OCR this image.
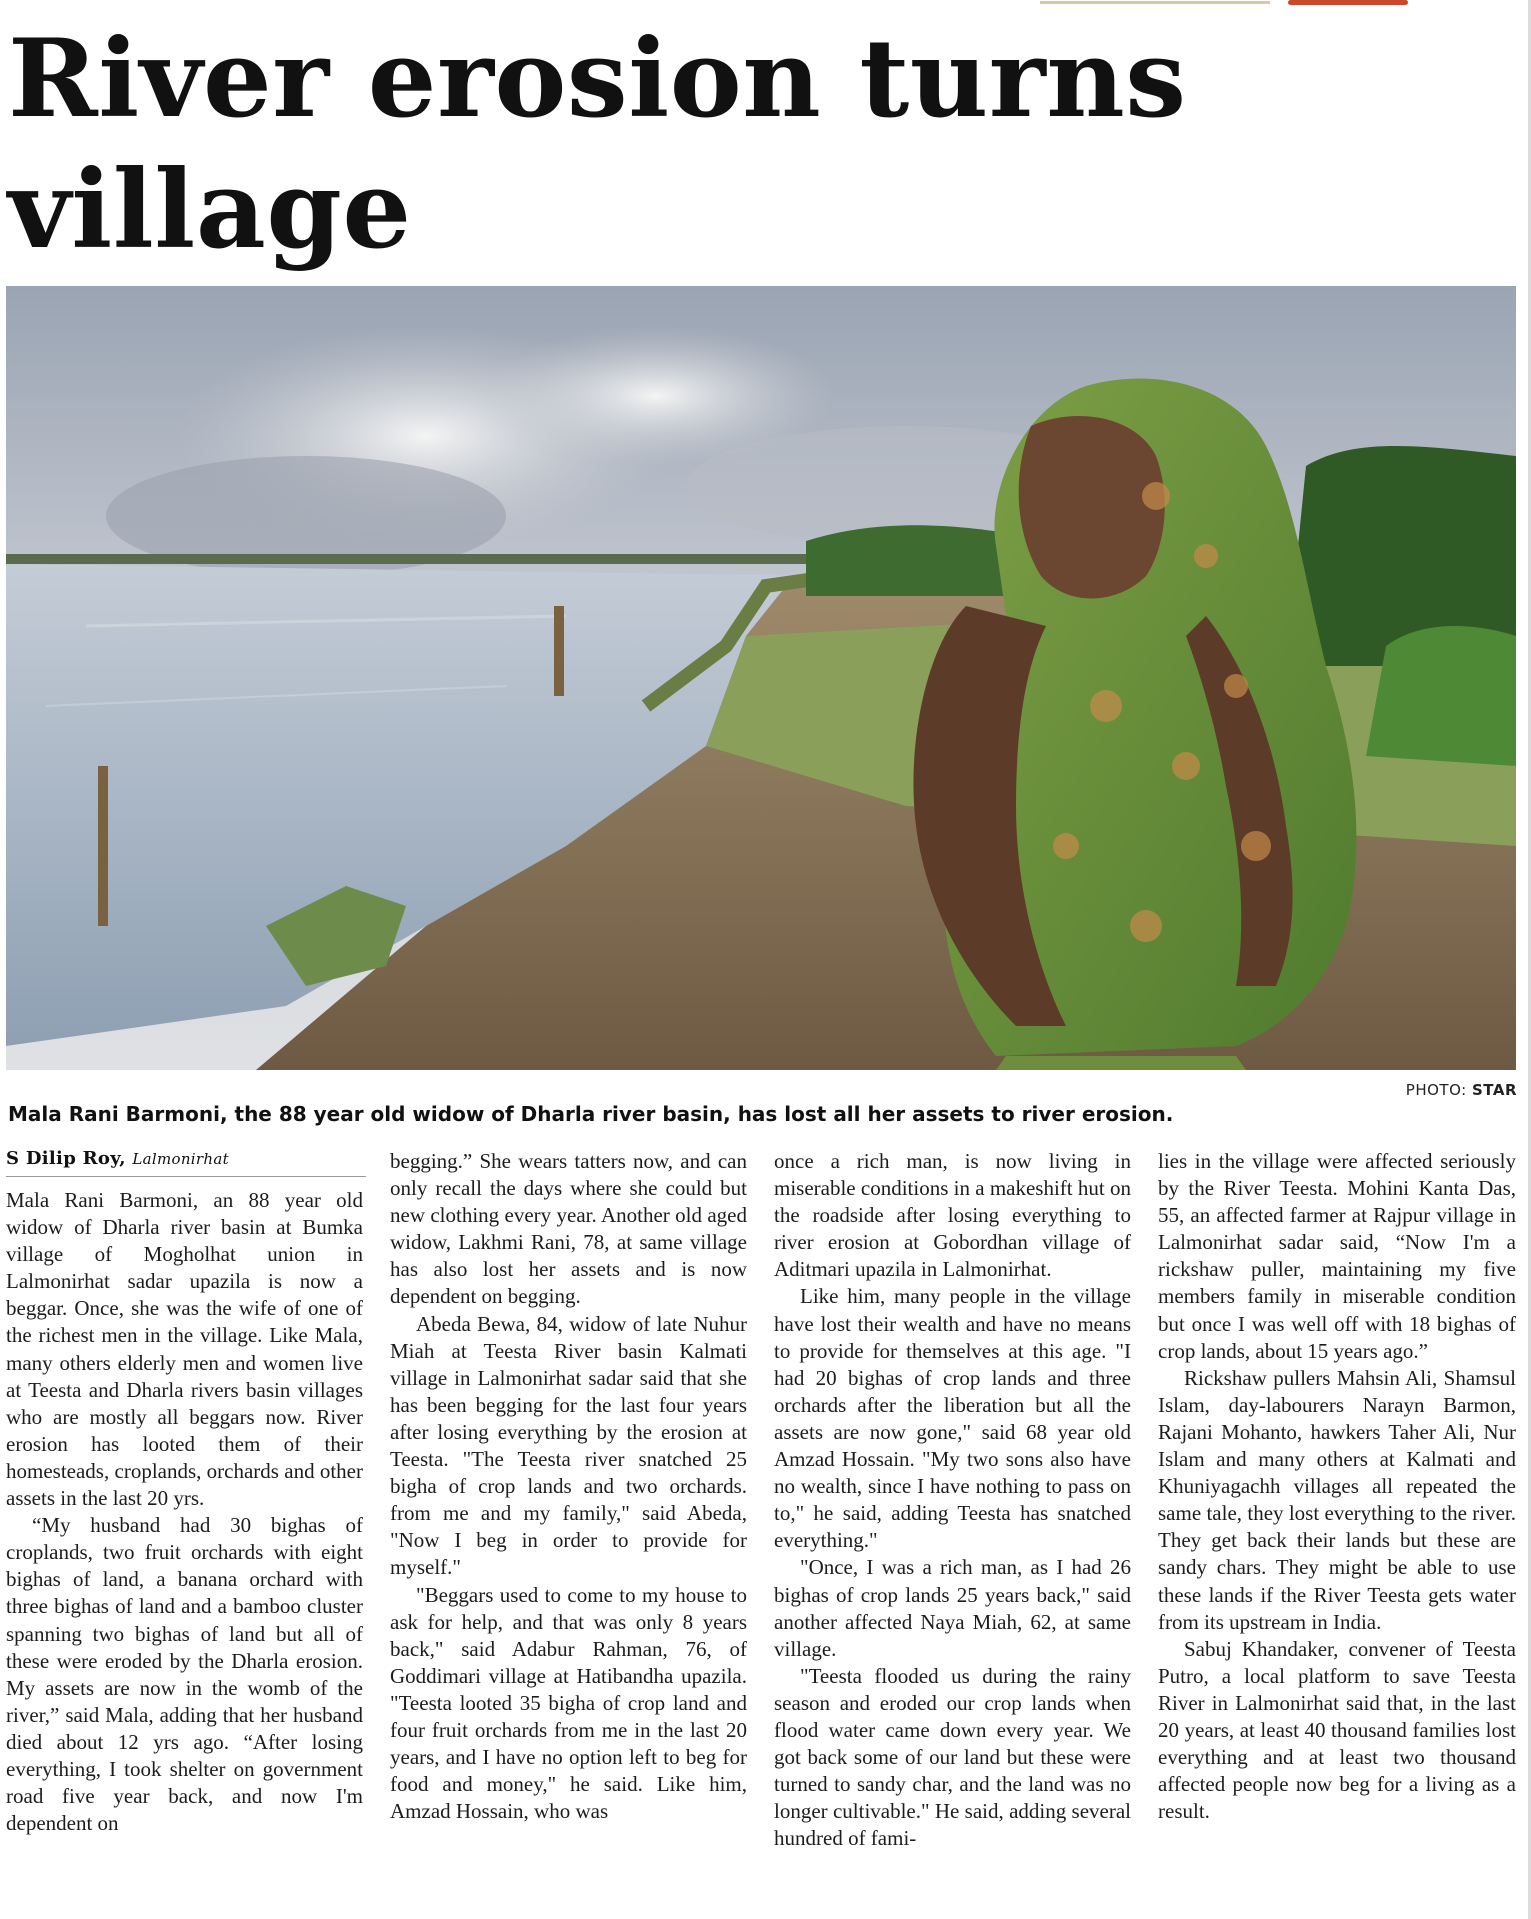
River erosion turns village

PHOTO: STAR
Mala Rani Barmoni, the 88 year old widow of Dharla river basin, has lost all her assets to river erosion.
S Dilip Roy, Lalmonirhat

Mala Rani Barmoni, an 88 year old widow of Dharla river basin at Bumka village of Mogholhat union in Lalmonirhat sadar upazila is now a beggar. Once, she was the wife of one of the richest men in the village. Like Mala, many others elderly men and women live at Teesta and Dharla rivers basin villages who are mostly all beggars now. River erosion has looted them of their homesteads, croplands, orchards and other assets in the last 20 yrs.

“My husband had 30 bighas of croplands, two fruit orchards with eight bighas of land, a banana orchard with three bighas of land and a bamboo cluster spanning two bighas of land but all of these were eroded by the Dharla erosion. My assets are now in the womb of the river,” said Mala, adding that her husband died about 12 yrs ago. “After losing everything, I took shelter on government road five year back, and now I'm dependent on

begging.” She wears tatters now, and can only recall the days where she could but new clothing every year. Another old aged widow, Lakhmi Rani, 78, at same village has also lost her assets and is now dependent on begging.

Abeda Bewa, 84, widow of late Nuhur Miah at Teesta River basin Kalmati village in Lalmonirhat sadar said that she has been begging for the last four years after losing everything by the erosion at Teesta. "The Teesta river snatched 25 bigha of crop lands and two orchards. from me and my family," said Abeda, "Now I beg in order to provide for myself."

"Beggars used to come to my house to ask for help, and that was only 8 years back," said Adabur Rahman, 76, of Goddimari village at Hatibandha upazila. "Teesta looted 35 bigha of crop land and four fruit orchards from me in the last 20 years, and I have no option left to beg for food and money," he said. Like him, Amzad Hossain, who was

once a rich man, is now living in miserable conditions in a makeshift hut on the roadside after losing everything to river erosion at Gobordhan village of Aditmari upazila in Lalmonirhat.

Like him, many people in the village have lost their wealth and have no means to provide for themselves at this age. "I had 20 bighas of crop lands and three orchards after the liberation but all the assets are now gone," said 68 year old Amzad Hossain. "My two sons also have no wealth, since I have nothing to pass on to," he said, adding Teesta has snatched everything."

"Once, I was a rich man, as I had 26 bighas of crop lands 25 years back," said another affected Naya Miah, 62, at same village.

"Teesta flooded us during the rainy season and eroded our crop lands when flood water came down every year. We got back some of our land but these were turned to sandy char, and the land was no longer cultivable." He said, adding several hundred of fami-

lies in the village were affected seriously by the River Teesta. Mohini Kanta Das, 55, an affected farmer at Rajpur village in Lalmonirhat sadar said, “Now I'm a rickshaw puller, maintaining my five members family in miserable condition but once I was well off with 18 bighas of crop lands, about 15 years ago.”

Rickshaw pullers Mahsin Ali, Shamsul Islam, day-labourers Narayn Barmon, Rajani Mohanto, hawkers Taher Ali, Nur Islam and many others at Kalmati and Khuniyagachh villages all repeated the same tale, they lost everything to the river. They get back their lands but these are sandy chars. They might be able to use these lands if the River Teesta gets water from its upstream in India.

Sabuj Khandaker, convener of Teesta Putro, a local platform to save Teesta River in Lalmonirhat said that, in the last 20 years, at least 40 thousand families lost everything and at least two thousand affected people now beg for a living as a result.
